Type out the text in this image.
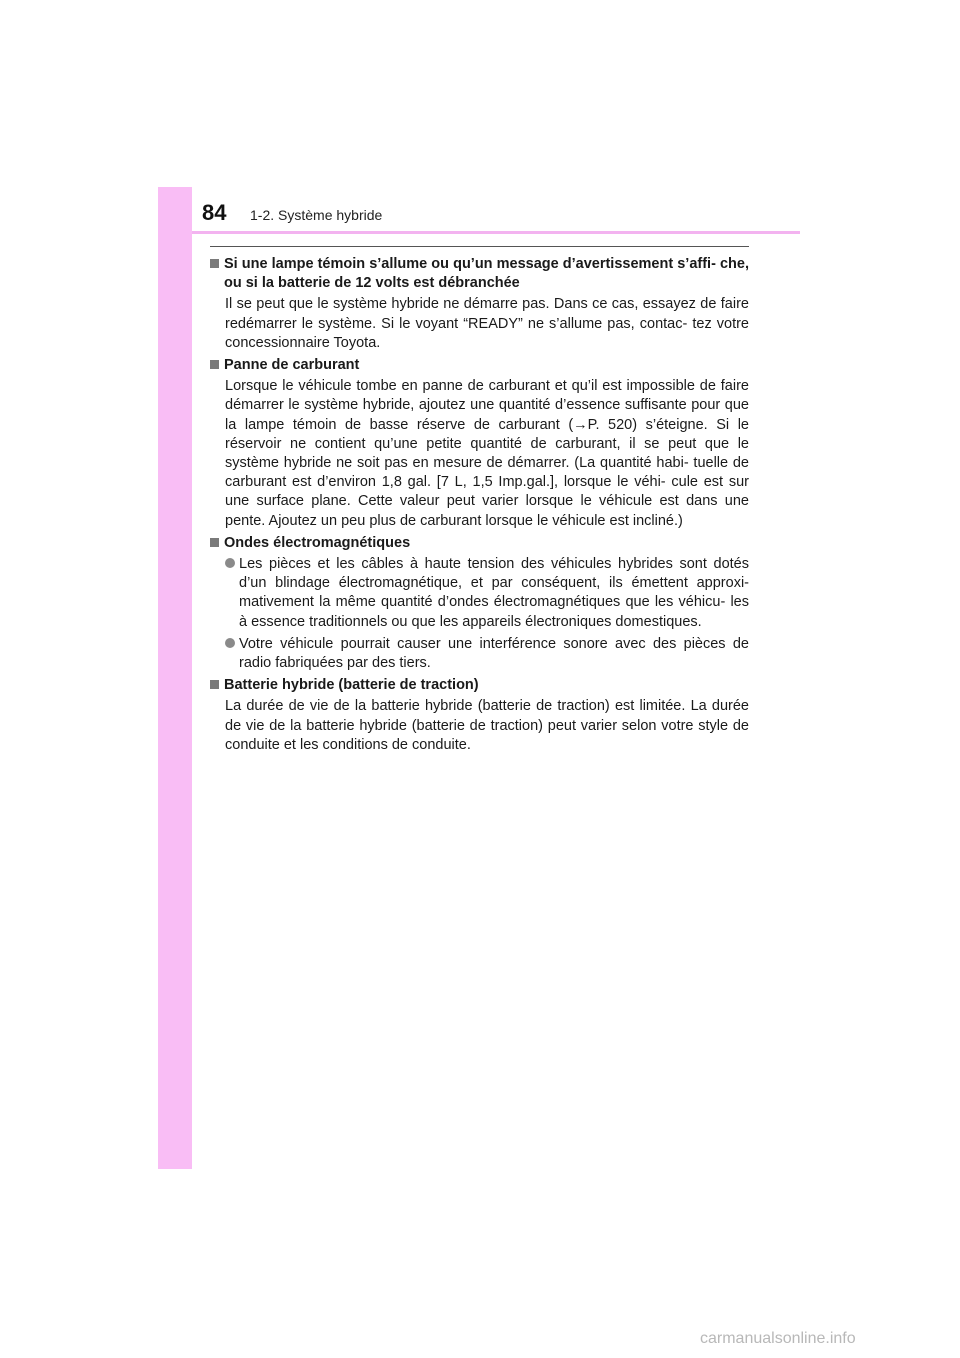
84 1-2. Système hybride
Si une lampe témoin s’allume ou qu’un message d’avertissement s’affi- che, ou si la batterie de 12 volts est débranchée
Il se peut que le système hybride ne démarre pas. Dans ce cas, essayez de faire redémarrer le système. Si le voyant “READY” ne s’allume pas, contac- tez votre concessionnaire Toyota.
Panne de carburant
Lorsque le véhicule tombe en panne de carburant et qu’il est impossible de faire démarrer le système hybride, ajoutez une quantité d’essence suffisante pour que la lampe témoin de basse réserve de carburant (→P. 520) s’éteigne. Si le réservoir ne contient qu’une petite quantité de carburant, il se peut que le système hybride ne soit pas en mesure de démarrer. (La quantité habi- tuelle de carburant est d’environ 1,8 gal. [7 L, 1,5 Imp.gal.], lorsque le véhi- cule est sur une surface plane. Cette valeur peut varier lorsque le véhicule est dans une pente. Ajoutez un peu plus de carburant lorsque le véhicule est incliné.)
Ondes électromagnétiques
Les pièces et les câbles à haute tension des véhicules hybrides sont dotés d’un blindage électromagnétique, et par conséquent, ils émettent approxi- mativement la même quantité d’ondes électromagnétiques que les véhicu- les à essence traditionnels ou que les appareils électroniques domestiques.
Votre véhicule pourrait causer une interférence sonore avec des pièces de radio fabriquées par des tiers.
Batterie hybride (batterie de traction)
La durée de vie de la batterie hybride (batterie de traction) est limitée. La durée de vie de la batterie hybride (batterie de traction) peut varier selon votre style de conduite et les conditions de conduite.
carmanualsonline.info
